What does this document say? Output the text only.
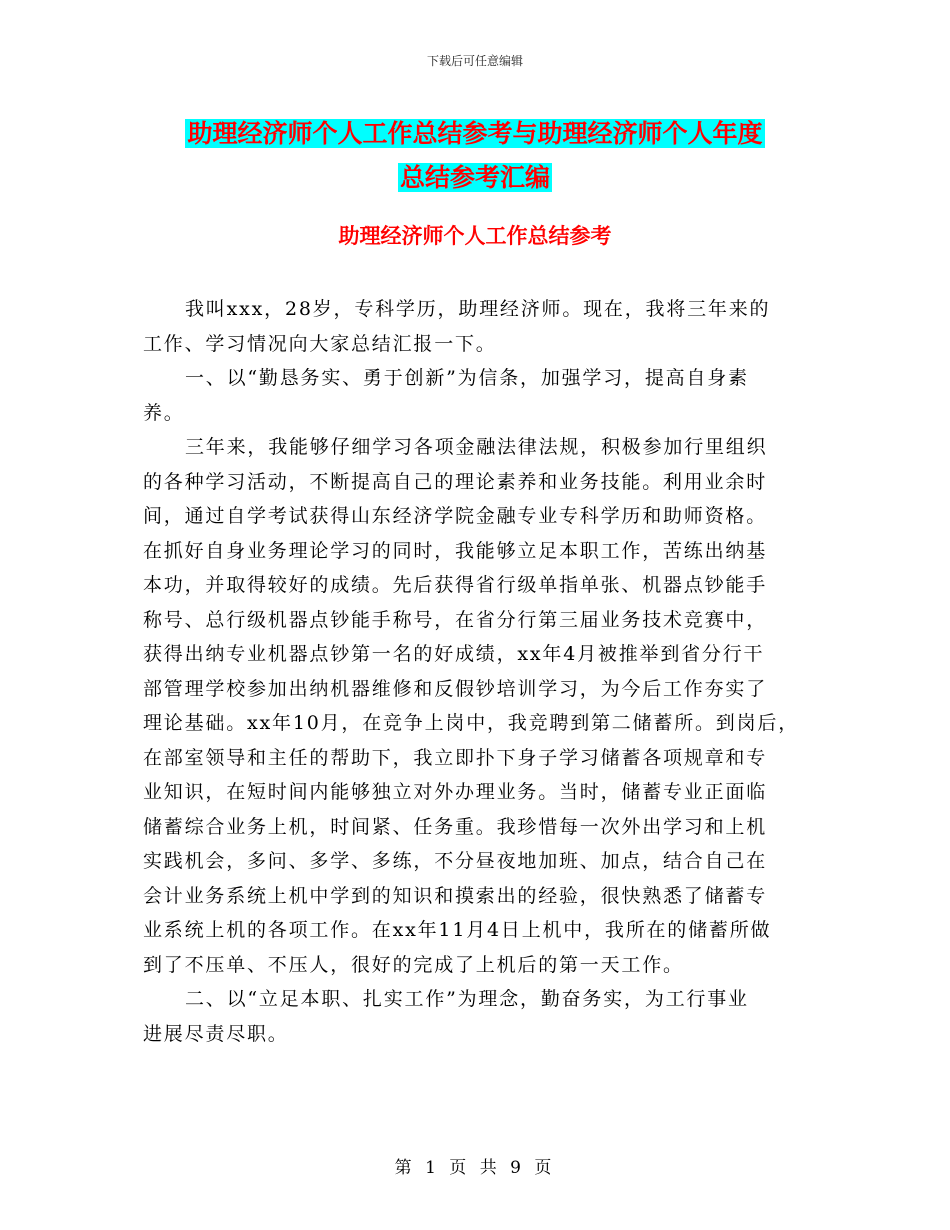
下载后可任意编辑
助理经济师个人工作总结参考与助理经济师个人年度
总结参考汇编
助理经济师个人工作总结参考
我叫xxx，28岁，专科学历，助理经济师。现在，我将三年来的
工作、学习情况向大家总结汇报一下。
一、以“勤恳务实、勇于创新”为信条，加强学习，提高自身素
养。
三年来，我能够仔细学习各项金融法律法规，积极参加行里组织
的各种学习活动，不断提高自己的理论素养和业务技能。利用业余时
间，通过自学考试获得山东经济学院金融专业专科学历和助师资格。
在抓好自身业务理论学习的同时，我能够立足本职工作，苦练出纳基
本功，并取得较好的成绩。先后获得省行级单指单张、机器点钞能手
称号、总行级机器点钞能手称号，在省分行第三届业务技术竞赛中，
获得出纳专业机器点钞第一名的好成绩，xx年4月被推举到省分行干
部管理学校参加出纳机器维修和反假钞培训学习，为今后工作夯实了
理论基础。xx年10月，在竞争上岗中，我竞聘到第二储蓄所。到岗后，
在部室领导和主任的帮助下，我立即扑下身子学习储蓄各项规章和专
业知识，在短时间内能够独立对外办理业务。当时，储蓄专业正面临
储蓄综合业务上机，时间紧、任务重。我珍惜每一次外出学习和上机
实践机会，多问、多学、多练，不分昼夜地加班、加点，结合自己在
会计业务系统上机中学到的知识和摸索出的经验，很快熟悉了储蓄专
业系统上机的各项工作。在xx年11月4日上机中，我所在的储蓄所做
到了不压单、不压人，很好的完成了上机后的第一天工作。
二、以“立足本职、扎实工作”为理念，勤奋务实，为工行事业
进展尽责尽职。
第 1 页 共 9 页
